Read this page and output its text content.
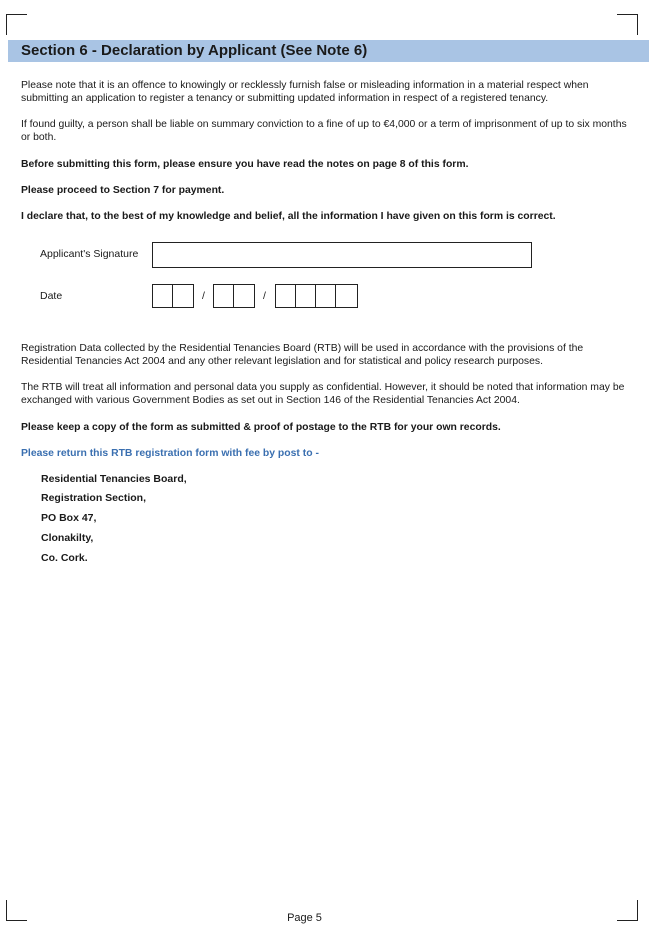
Section 6 - Declaration by Applicant (See Note 6)

Please note that it is an offence to knowingly or recklessly furnish false or misleading information in a material respect when submitting an application to register a tenancy or submitting updated information in respect of a registered tenancy.

If found guilty, a person shall be liable on summary conviction to a fine of up to €4,000 or a term of imprisonment of up to six months or both.

Before submitting this form, please ensure you have read the notes on page 8 of this form.

Please proceed to Section 7 for payment.

I declare that, to the best of my knowledge and belief, all the information I have given on this form is correct.

Applicant's Signature
Date	/	/

Registration Data collected by the Residential Tenancies Board (RTB) will be used in accordance with the provisions of the Residential Tenancies Act 2004 and any other relevant legislation and for statistical and policy research purposes.

The RTB will treat all information and personal data you supply as confidential. However, it should be noted that information may be exchanged with various Government Bodies as set out in Section 146 of the Residential Tenancies Act 2004.

Please keep a copy of the form as submitted & proof of postage to the RTB for your own records.

Please return this RTB registration form with fee by post to -

Residential Tenancies Board,
Registration Section,
PO Box 47,
Clonakilty,
Co. Cork.
Page 5
